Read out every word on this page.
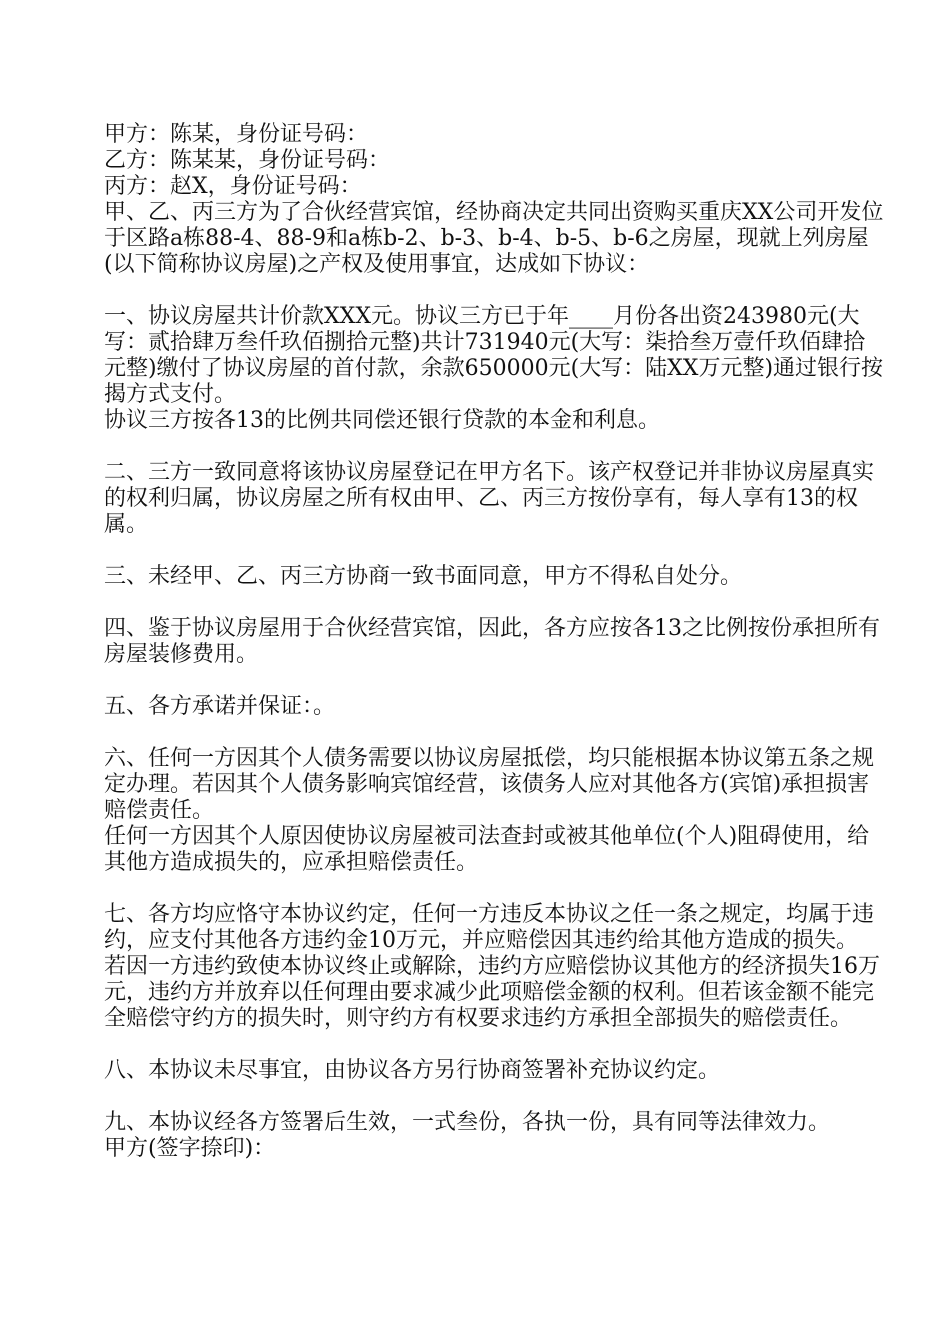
甲方：陈某，身份证号码：

乙方：陈某某，身份证号码：

丙方：赵X，身份证号码：

甲、乙、丙三方为了合伙经营宾馆，经协商决定共同出资购买重庆XX公司开发位于区路a栋88-4、88-9和a栋b-2、b-3、b-4、b-5、b-6之房屋，现就上列房屋(以下简称协议房屋)之产权及使用事宜，达成如下协议：

一、协议房屋共计价款XXX元。协议三方已于年____月份各出资243980元(大写：贰拾肆万叁仟玖佰捌拾元整)共计731940元(大写：柒拾叁万壹仟玖佰肆拾元整)缴付了协议房屋的首付款，余款650000元(大写：陆XX万元整)通过银行按揭方式支付。

协议三方按各13的比例共同偿还银行贷款的本金和利息。

二、三方一致同意将该协议房屋登记在甲方名下。该产权登记并非协议房屋真实的权利归属，协议房屋之所有权由甲、乙、丙三方按份享有，每人享有13的权属。

三、未经甲、乙、丙三方协商一致书面同意，甲方不得私自处分。

四、鉴于协议房屋用于合伙经营宾馆，因此，各方应按各13之比例按份承担所有房屋装修费用。

五、各方承诺并保证：。

六、任何一方因其个人债务需要以协议房屋抵偿，均只能根据本协议第五条之规定办理。若因其个人债务影响宾馆经营，该债务人应对其他各方(宾馆)承担损害赔偿责任。

任何一方因其个人原因使协议房屋被司法查封或被其他单位(个人)阻碍使用，给其他方造成损失的，应承担赔偿责任。

七、各方均应恪守本协议约定，任何一方违反本协议之任一条之规定，均属于违约，应支付其他各方违约金10万元，并应赔偿因其违约给其他方造成的损失。

若因一方违约致使本协议终止或解除，违约方应赔偿协议其他方的经济损失16万元，违约方并放弃以任何理由要求减少此项赔偿金额的权利。但若该金额不能完全赔偿守约方的损失时，则守约方有权要求违约方承担全部损失的赔偿责任。

八、本协议未尽事宜，由协议各方另行协商签署补充协议约定。

九、本协议经各方签署后生效，一式叁份，各执一份，具有同等法律效力。

甲方(签字捺印)：
